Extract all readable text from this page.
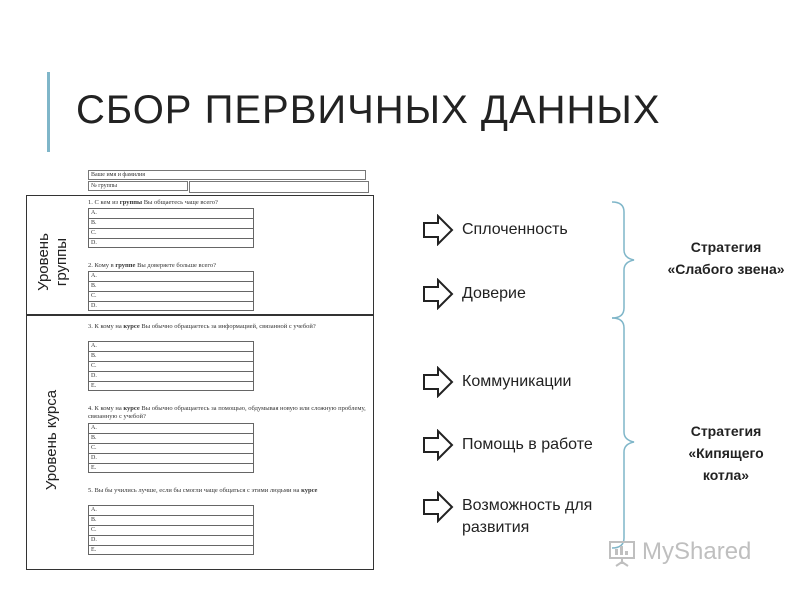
СБОР ПЕРВИЧНЫХ ДАННЫХ
Ваше имя и фамилия
№ группы
Уровень группы
Уровень курса
1. С кем из группы Вы общаетесь чаще всего?
A.
B.
C.
D.
2. Кому в группе Вы доверяете больше всего?
A.
B.
C.
D.
3. К кому на курсе Вы обычно обращаетесь за информацией, связанной с учебой?
A.
B.
C.
D.
E.
4. К кому на курсе Вы обычно обращаетесь за помощью, обдумывая новую или сложную проблему, связанную с учебой?
A.
B.
C.
D.
E.
5. Вы бы учились лучше, если бы смогли чаще общаться с этими людьми на курсе
A.
B.
C.
D.
E.
Сплоченность
Доверие
Коммуникации
Помощь в работе
Возможность для
развития
Стратегия
«Слабого звена»
Стратегия
«Кипящего
котла»
MyShared
